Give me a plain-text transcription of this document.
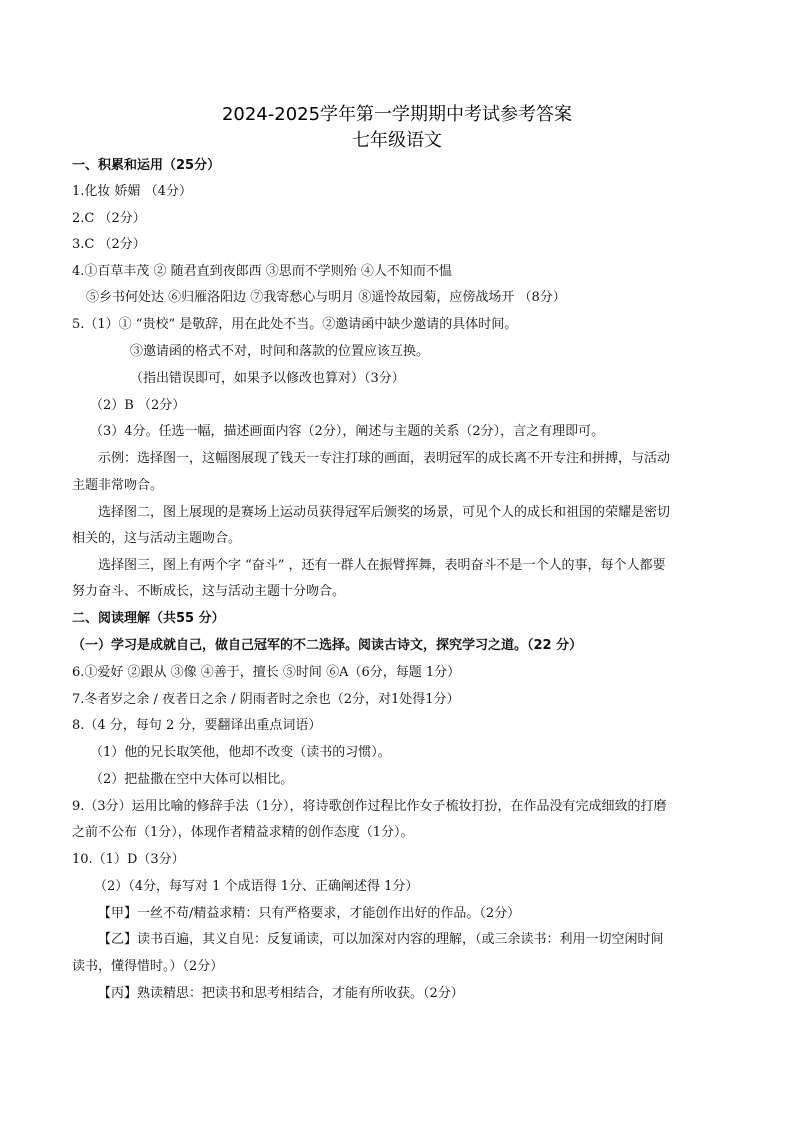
2024-2025学年第一学期期中考试参考答案
七年级语文
一、积累和运用（25分）
1.化妆 娇媚 （4分）
2.C （2分）
3.C （2分）
4.①百草丰茂 ② 随君直到夜郎西 ③思而不学则殆 ④人不知而不愠
⑤乡书何处达 ⑥归雁洛阳边 ⑦我寄愁心与明月 ⑧遥怜故园菊，应傍战场开 （8分）
5.（1）① “贵校” 是敬辞，用在此处不当。②邀请函中缺少邀请的具体时间。
③邀请函的格式不对，时间和落款的位置应该互换。
（指出错误即可，如果予以修改也算对）（3分）
（2）B （2分）
（3）4分。任选一幅，描述画面内容（2分），阐述与主题的关系（2分），言之有理即可。
示例：选择图一，这幅图展现了钱天一专注打球的画面，表明冠军的成长离不开专注和拼搏，与活动
主题非常吻合。
选择图二，图上展现的是赛场上运动员获得冠军后颁奖的场景，可见个人的成长和祖国的荣耀是密切
相关的，这与活动主题吻合。
选择图三，图上有两个字 “奋斗” ，还有一群人在振臂挥舞，表明奋斗不是一个人的事，每个人都要
努力奋斗、不断成长，这与活动主题十分吻合。
二、阅读理解（共55 分）
（一）学习是成就自己，做自己冠军的不二选择。阅读古诗文，探究学习之道。（22 分）
6.①爱好 ②跟从 ③像 ④善于，擅长 ⑤时间 ⑥A（6分，每题 1分）
7.冬者岁之余 / 夜者日之余 / 阴雨者时之余也（2分，对1处得1分）
8.（4 分，每句 2 分，要翻译出重点词语）
（1）他的兄长取笑他，他却不改变（读书的习惯）。
（2）把盐撒在空中大体可以相比。
9.（3分）运用比喻的修辞手法（1分），将诗歌创作过程比作女子梳妆打扮，在作品没有完成细致的打磨
之前不公布（1分），体现作者精益求精的创作态度（1分）。
10.（1）D（3分）
（2）（4分，每写对 1 个成语得 1分、正确阐述得 1分）
【甲】一丝不苟/精益求精：只有严格要求，才能创作出好的作品。（2分）
【乙】读书百遍，其义自见：反复诵读，可以加深对内容的理解，（或三余读书：利用一切空闲时间
读书，懂得惜时。）（2分）
【丙】熟读精思：把读书和思考相结合，才能有所收获。（2分）
